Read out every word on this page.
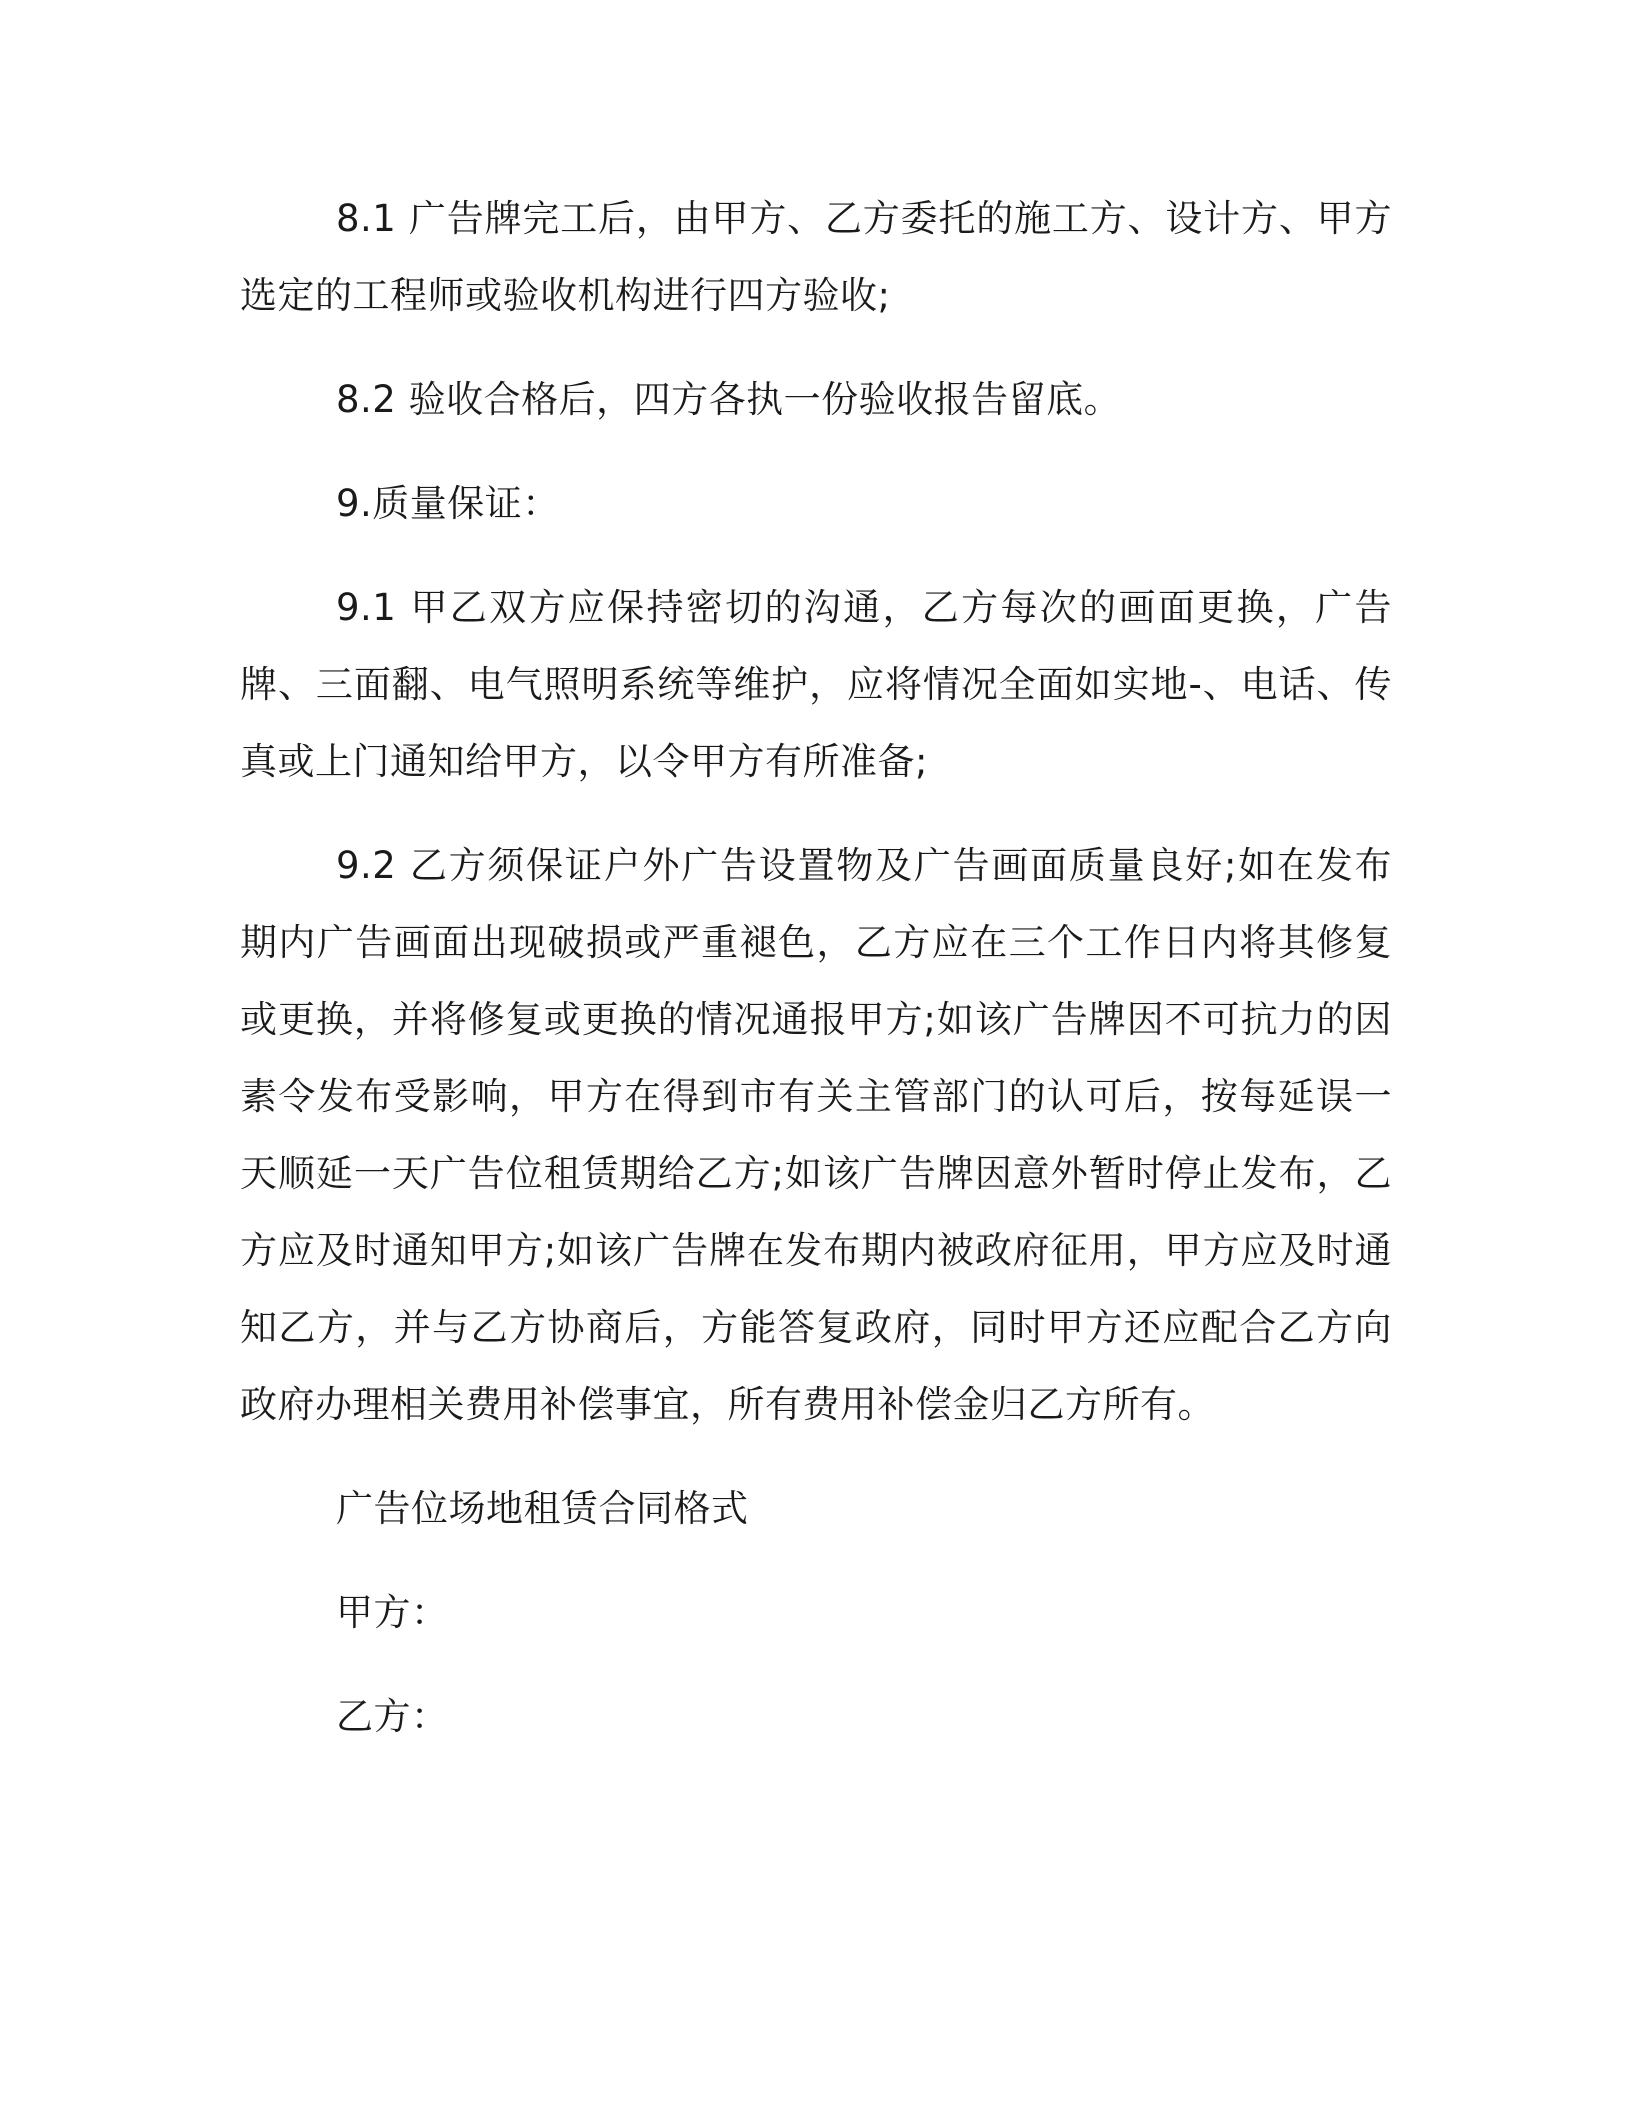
8.1 广告牌完工后，由甲方、乙方委托的施工方、设计方、甲方选定的工程师或验收机构进行四方验收;

8.2 验收合格后，四方各执一份验收报告留底。

9.质量保证：

9.1 甲乙双方应保持密切的沟通，乙方每次的画面更换，广告牌、三面翻、电气照明系统等维护，应将情况全面如实地-、电话、传真或上门通知给甲方，以令甲方有所准备;

9.2 乙方须保证户外广告设置物及广告画面质量良好;如在发布期内广告画面出现破损或严重褪色，乙方应在三个工作日内将其修复或更换，并将修复或更换的情况通报甲方;如该广告牌因不可抗力的因素令发布受影响，甲方在得到市有关主管部门的认可后，按每延误一天顺延一天广告位租赁期给乙方;如该广告牌因意外暂时停止发布，乙方应及时通知甲方;如该广告牌在发布期内被政府征用，甲方应及时通知乙方，并与乙方协商后，方能答复政府，同时甲方还应配合乙方向政府办理相关费用补偿事宜，所有费用补偿金归乙方所有。

广告位场地租赁合同格式

甲方：

乙方：
